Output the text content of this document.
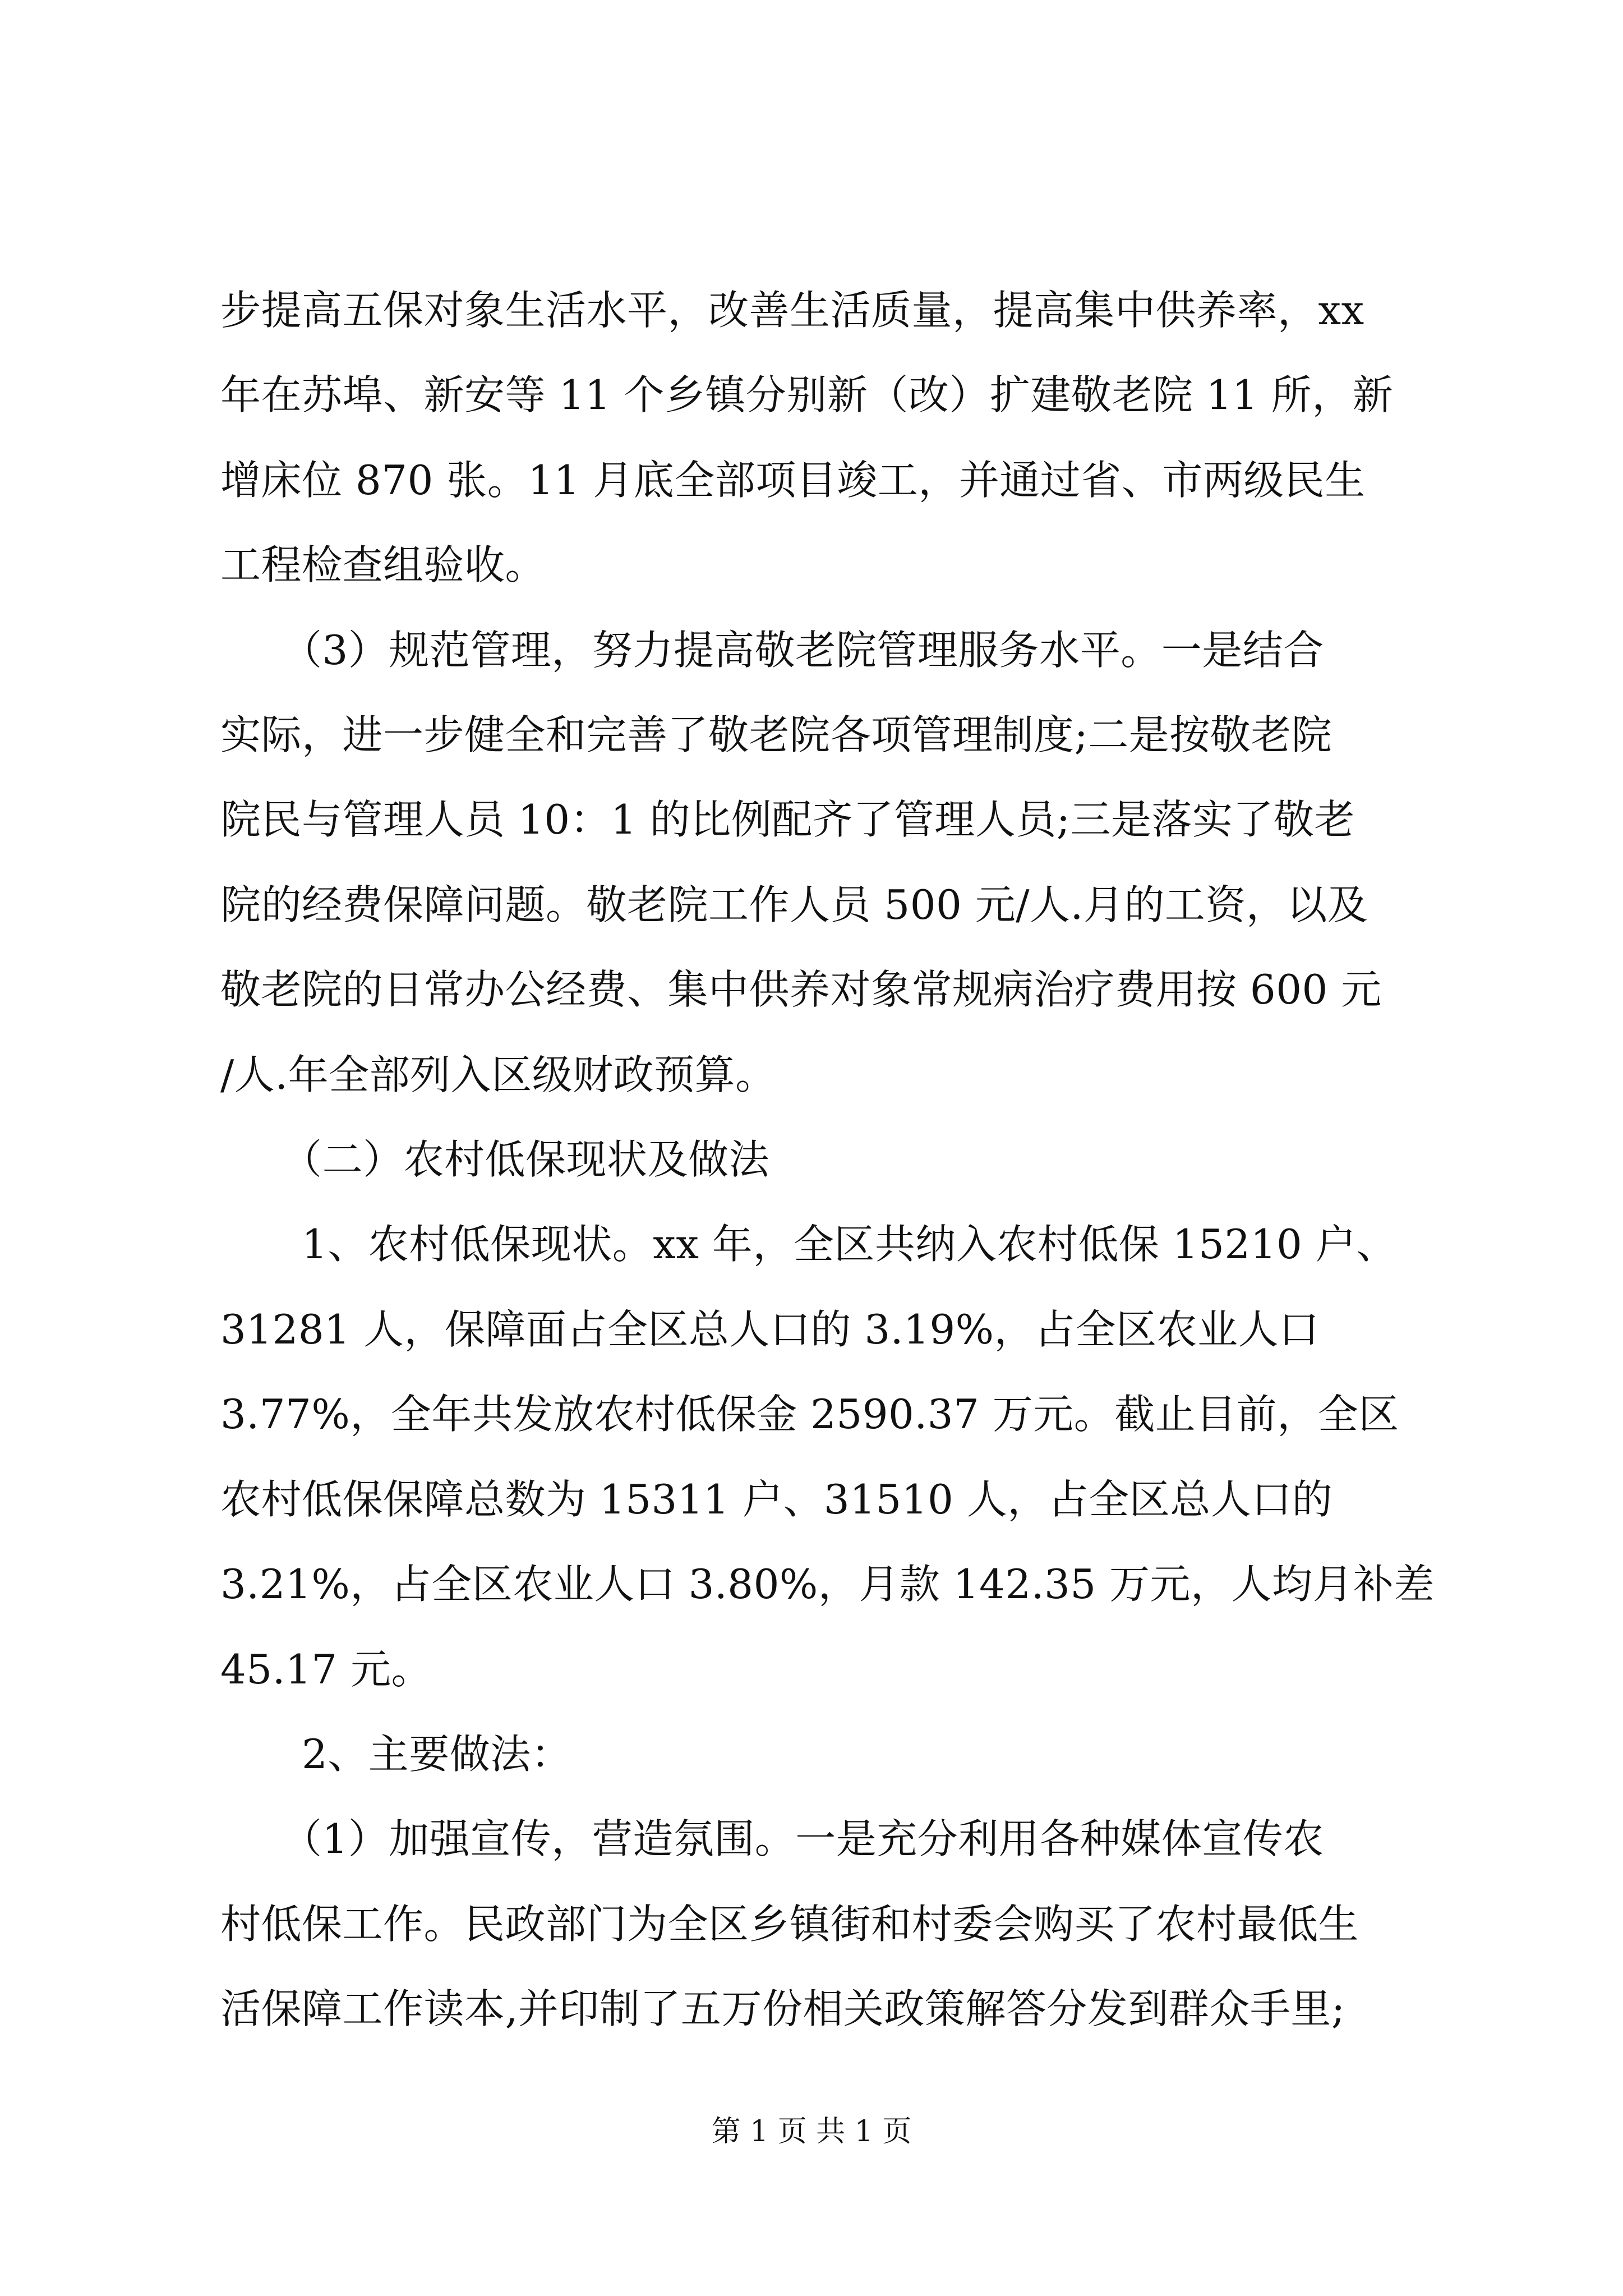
步提高五保对象生活水平，改善生活质量，提高集中供养率，xx
年在苏埠、新安等 11 个乡镇分别新（改）扩建敬老院 11 所，新
增床位 870 张。11 月底全部项目竣工，并通过省、市两级民生
工程检查组验收。
　　（3）规范管理，努力提高敬老院管理服务水平。一是结合
实际，进一步健全和完善了敬老院各项管理制度;二是按敬老院
院民与管理人员 10：1 的比例配齐了管理人员;三是落实了敬老
院的经费保障问题。敬老院工作人员 500 元/人.月的工资，以及
敬老院的日常办公经费、集中供养对象常规病治疗费用按 600 元
/人.年全部列入区级财政预算。
　　（二）农村低保现状及做法
　　1、农村低保现状。xx 年，全区共纳入农村低保 15210 户、
31281 人，保障面占全区总人口的 3.19%，占全区农业人口
3.77%，全年共发放农村低保金 2590.37 万元。截止目前，全区
农村低保保障总数为 15311 户、31510 人，占全区总人口的
3.21%，占全区农业人口 3.80%，月款 142.35 万元，人均月补差
45.17 元。
　　2、主要做法：
　　（1）加强宣传，营造氛围。一是充分利用各种媒体宣传农
村低保工作。民政部门为全区乡镇街和村委会购买了农村最低生
活保障工作读本,并印制了五万份相关政策解答分发到群众手里;
第 1 页 共 1 页
